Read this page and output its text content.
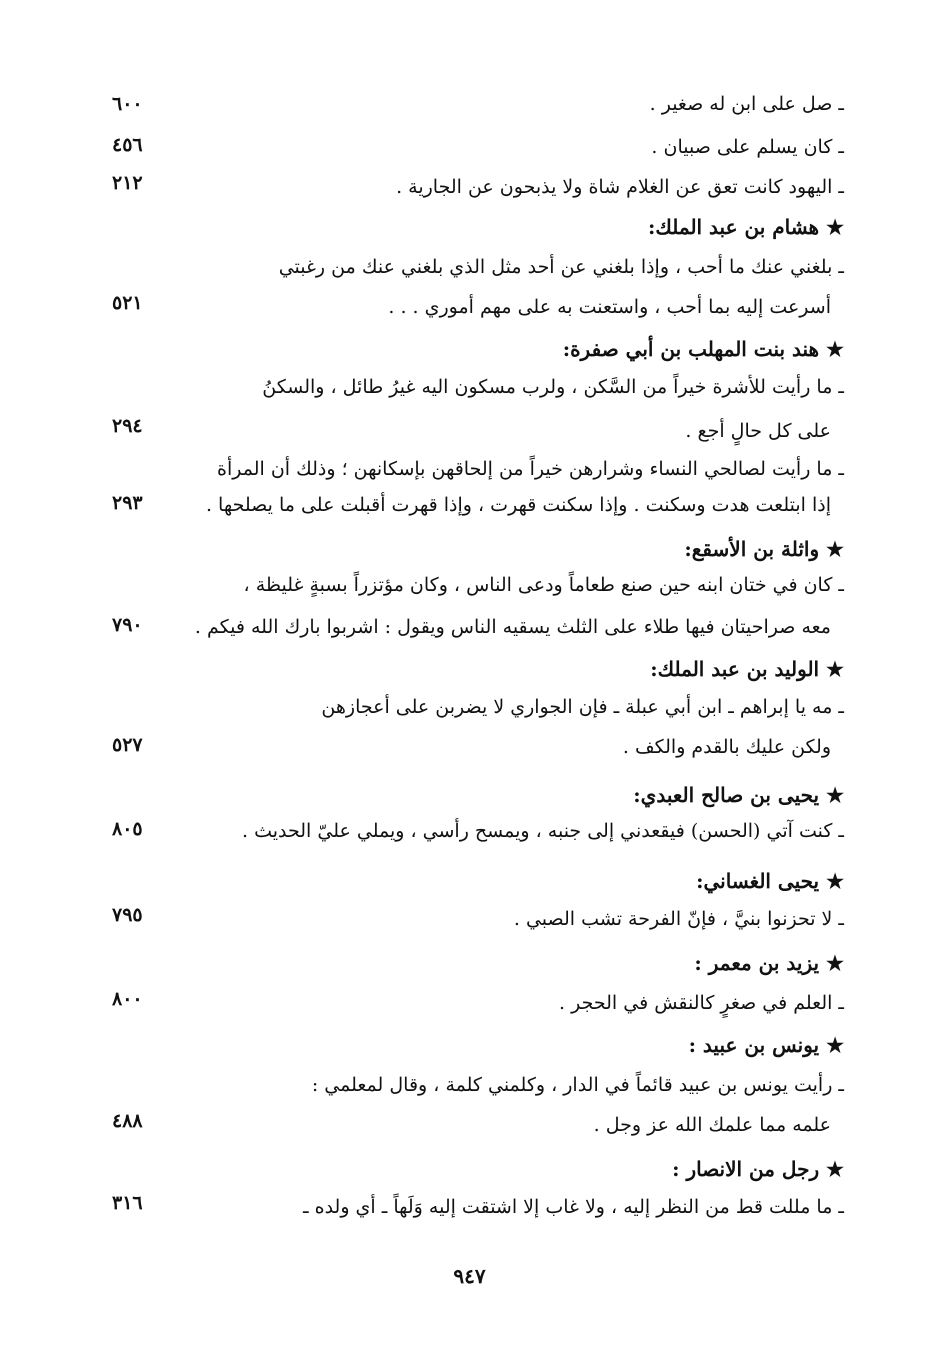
ـ صل على ابن له صغير .
٦٠٠
ـ كان يسلم على صبيان .
٤٥٦
ـ اليهود كانت تعق عن الغلام شاة ولا يذبحون عن الجارية .
٢١٢
★ هشام بن عبد الملك:
ـ بلغني عنك ما أحب ، وإذا بلغني عن أحد مثل الذي بلغني عنك من رغبتي
أسرعت إليه بما أحب ، واستعنت به على مهم أموري . . .
٥٢١
★ هند بنت المهلب بن أبي صفرة:
ـ ما رأيت للأشرة خيراً من السَّكن ، ولرب مسكون اليه غيرُ طائل ، والسكنُ
على كل حالٍ أجع .
٢٩٤
ـ ما رأيت لصالحي النساء وشرارهن خيراً من إلحاقهن بإسكانهن ؛ وذلك أن المرأة
إذا ابتلعت هدت وسكنت . وإذا سكنت قهرت ، وإذا قهرت أقبلت على ما يصلحها .
٢٩٣
★ واثلة بن الأسقع:
ـ كان في ختان ابنه حين صنع طعاماً ودعى الناس ، وكان مؤتزراً بسبةٍ غليظة ،
معه صراحيتان فيها طلاء على الثلث يسقيه الناس ويقول : اشربوا بارك الله فيكم .
٧٩٠
★ الوليد بن عبد الملك:
ـ مه يا إبراهم ـ ابن أبي عبلة ـ فإن الجواري لا يضربن على أعجازهن
ولكن عليك بالقدم والكف .
٥٢٧
★ يحيى بن صالح العبدي:
ـ كنت آتي (الحسن) فيقعدني إلى جنبه ، ويمسح رأسي ، ويملي عليّ الحديث .
٨٠٥
★ يحيى الغساني:
ـ لا تحزنوا بنيَّ ، فإنّ الفرحة تشب الصبي .
٧٩٥
★ يزيد بن معمر :
ـ العلم في صغرٍ كالنقش في الحجر .
٨٠٠
★ يونس بن عبيد :
ـ رأيت يونس بن عبيد قائماً في الدار ، وكلمني كلمة ، وقال لمعلمي :
علمه مما علمك الله عز وجل .
٤٨٨
★ رجل من الانصار :
ـ ما مللت قط من النظر إليه ، ولا غاب إلا اشتقت إليه وَلَهاً ـ أي ولده ـ
٣١٦
٩٤٧
